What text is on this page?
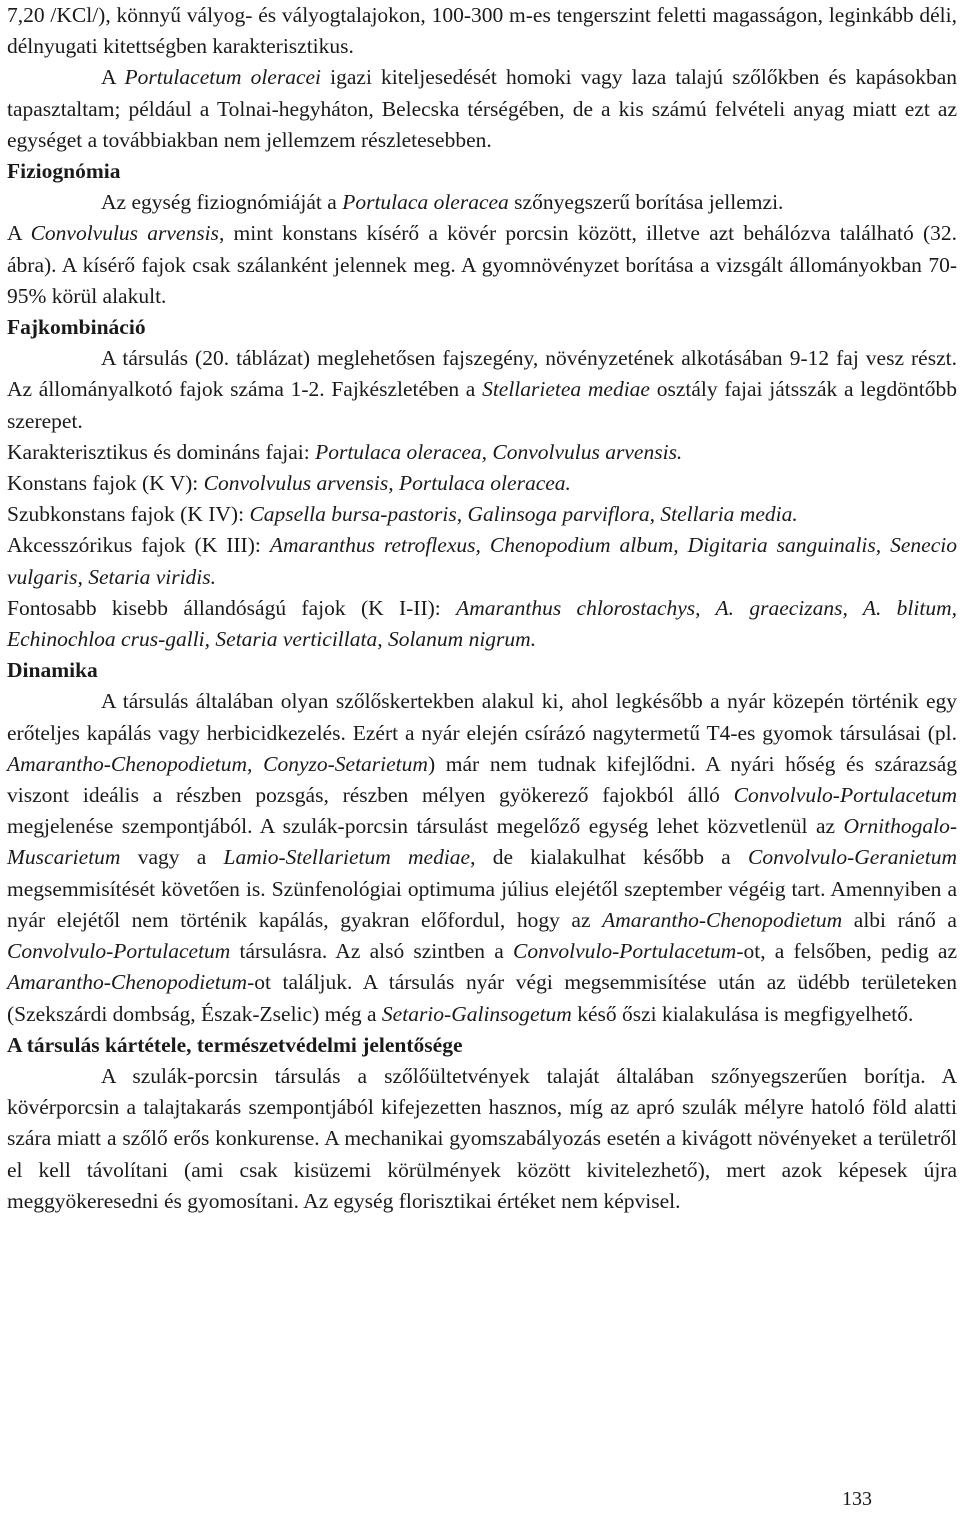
7,20 /KCl/), könnyű vályog- és vályogtalajokon, 100-300 m-es tengerszint feletti magasságon, leginkább déli, délnyugati kitettségben karakterisztikus.

A Portulacetum oleracei igazi kiteljesedését homoki vagy laza talajú szőlőkben és kapásokban tapasztaltam; például a Tolnai-hegyháton, Belecska térségében, de a kis számú felvételi anyag miatt ezt az egységet a továbbiakban nem jellemzem részletesebben.

Fiziognómia

Az egység fiziognómiáját a Portulaca oleracea szőnyegszerű borítása jellemzi.

A Convolvulus arvensis, mint konstans kísérő a kövér porcsin között, illetve azt behálózva található (32. ábra). A kísérő fajok csak szálanként jelennek meg. A gyomnövényzet borítása a vizsgált állományokban 70-95% körül alakult.

Fajkombináció

A társulás (20. táblázat) meglehetősen fajszegény, növényzetének alkotásában 9-12 faj vesz részt. Az állományalkotó fajok száma 1-2. Fajkészletében a Stellarietea mediae osztály fajai játsszák a legdöntőbb szerepet.

Karakterisztikus és domináns fajai: Portulaca oleracea, Convolvulus arvensis.

Konstans fajok (K V): Convolvulus arvensis, Portulaca oleracea.

Szubkonstans fajok (K IV): Capsella bursa-pastoris, Galinsoga parviflora, Stellaria media.

Akcesszórikus fajok (K III): Amaranthus retroflexus, Chenopodium album, Digitaria sanguinalis, Senecio vulgaris, Setaria viridis.

Fontosabb kisebb állandóságú fajok (K I-II): Amaranthus chlorostachys, A. graecizans, A. blitum, Echinochloa crus-galli, Setaria verticillata, Solanum nigrum.

Dinamika

A társulás általában olyan szőlőskertekben alakul ki, ahol legkésőbb a nyár közepén történik egy erőteljes kapálás vagy herbicidkezelés. Ezért a nyár elején csírázó nagytermetű T4-es gyomok társulásai (pl. Amarantho-Chenopodietum, Conyzo-Setarietum) már nem tudnak kifejlődni. A nyári hőség és szárazság viszont ideális a részben pozsgás, részben mélyen gyökerező fajokból álló Convolvulo-Portulacetum megjelenése szempontjából. A szulák-porcsin társulást megelőző egység lehet közvetlenül az Ornithogalo-Muscarietum vagy a Lamio-Stellarietum mediae, de kialakulhat később a Convolvulo-Geranietum megsemmisítését követően is. Szünfenológiai optimuma július elejétől szeptember végéig tart. Amennyiben a nyár elejétől nem történik kapálás, gyakran előfordul, hogy az Amarantho-Chenopodietum albi ránő a Convolvulo-Portulacetum társulásra. Az alsó szintben a Convolvulo-Portulacetum-ot, a felsőben, pedig az Amarantho-Chenopodietum-ot találjuk. A társulás nyár végi megsemmisítése után az üdébb területeken (Szekszárdi dombság, Észak-Zselic) még a Setario-Galinsogetum késő őszi kialakulása is megfigyelhető.

A társulás kártétele, természetvédelmi jelentősége

A szulák-porcsin társulás a szőlőültetvények talaját általában szőnyegszerűen borítja. A kövérporcsin a talajtakarás szempontjából kifejezetten hasznos, míg az apró szulák mélyre hatoló föld alatti szára miatt a szőlő erős konkurense. A mechanikai gyomszabályozás esetén a kivágott növényeket a területről el kell távolítani (ami csak kisüzemi körülmények között kivitelezhető), mert azok képesek újra meggyökeresedni és gyomosítani. Az egység florisztikai értéket nem képvisel.

133
